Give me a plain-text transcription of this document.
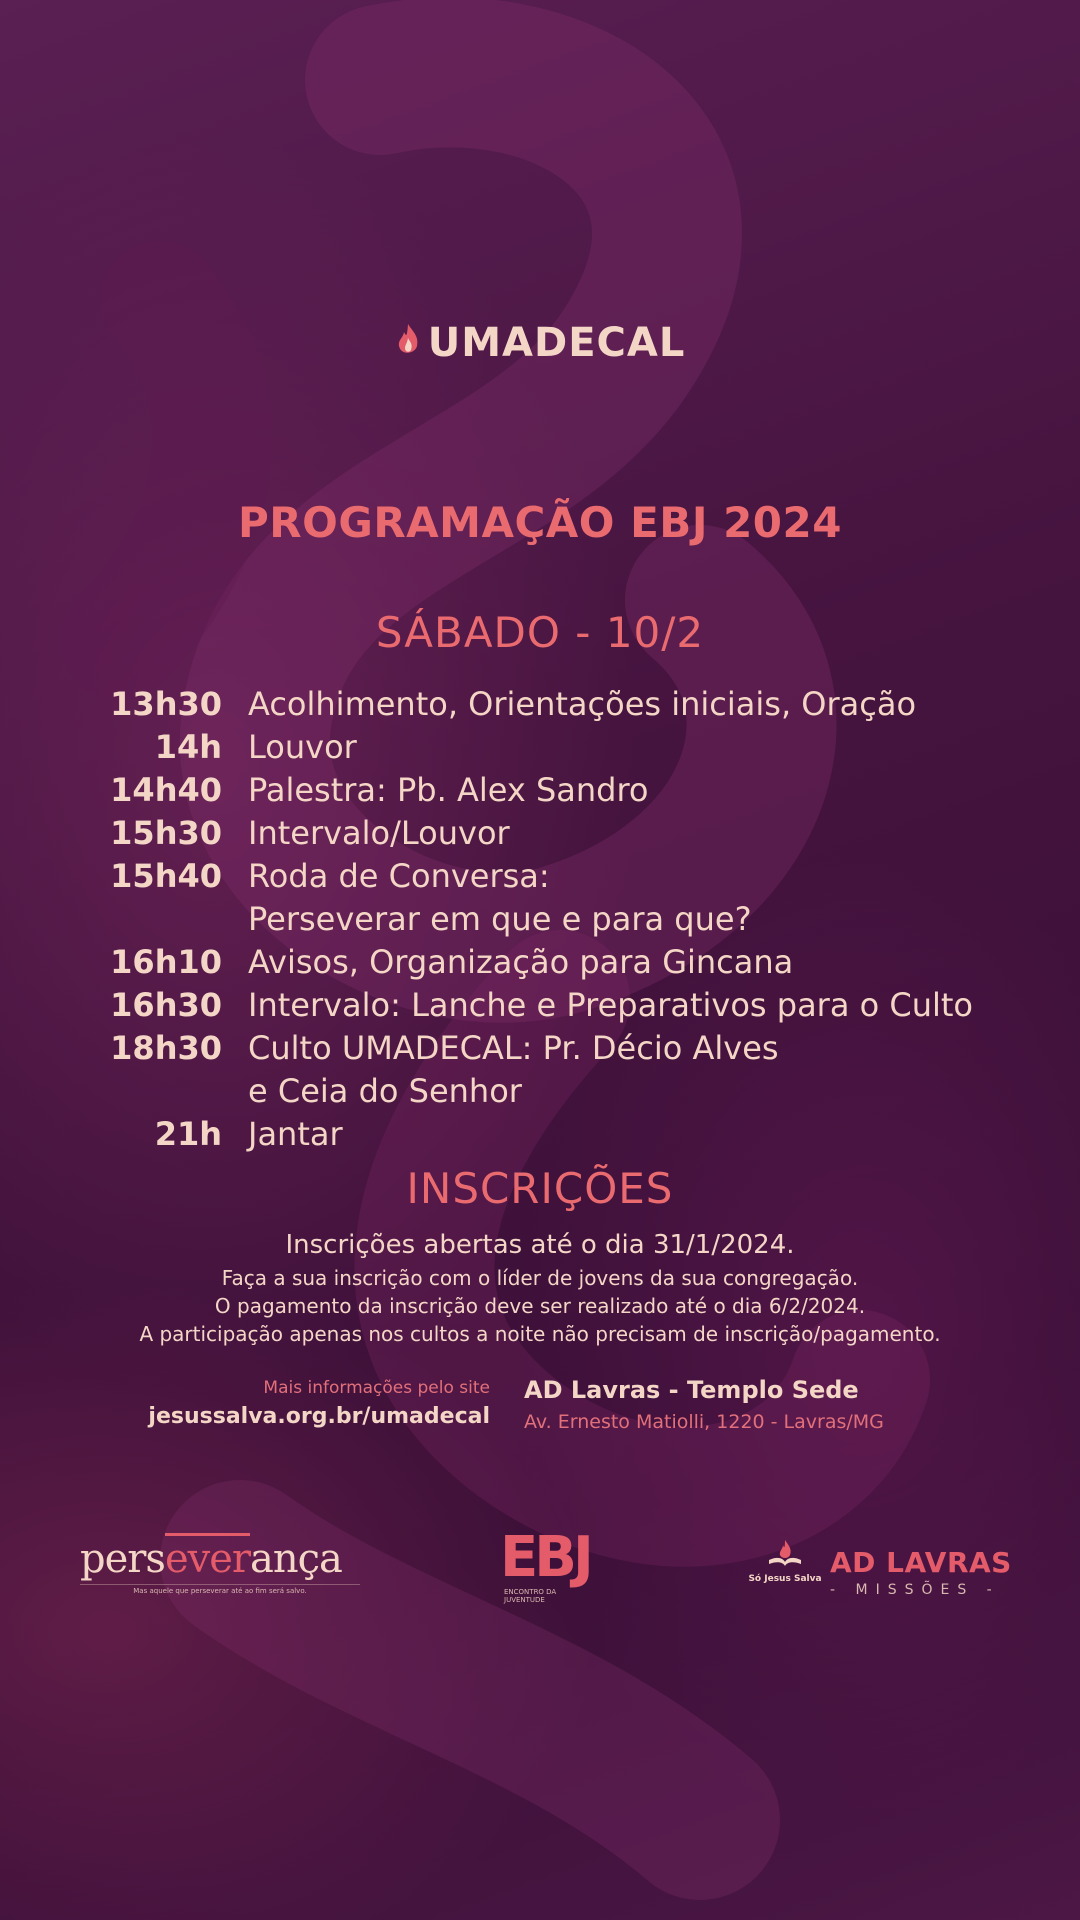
UMADECAL
PROGRAMAÇÃO EBJ 2024
SÁBADO - 10/2
13h30 Acolhimento, Orientações iniciais, Oração
14h Louvor
14h40 Palestra: Pb. Alex Sandro
15h30 Intervalo/Louvor
15h40 Roda de Conversa:
Perseverar em que e para que?
16h10 Avisos, Organização para Gincana
16h30 Intervalo: Lanche e Preparativos para o Culto
18h30 Culto UMADECAL: Pr. Décio Alves
e Ceia do Senhor
21h Jantar
INSCRIÇÕES
Inscrições abertas até o dia 31/1/2024.
Faça a sua inscrição com o líder de jovens da sua congregação.
O pagamento da inscrição deve ser realizado até o dia 6/2/2024.
A participação apenas nos cultos a noite não precisam de inscrição/pagamento.
Mais informações pelo site
jesussalva.org.br/umadecal
AD Lavras - Templo Sede
Av. Ernesto Matiolli, 1220 - Lavras/MG
perseverança
Mas aquele que perseverar até ao fim será salvo.
EBJ
ENCONTRO DA
JUVENTUDE
Só Jesus Salva AD LAVRAS
- MISSÕES -
